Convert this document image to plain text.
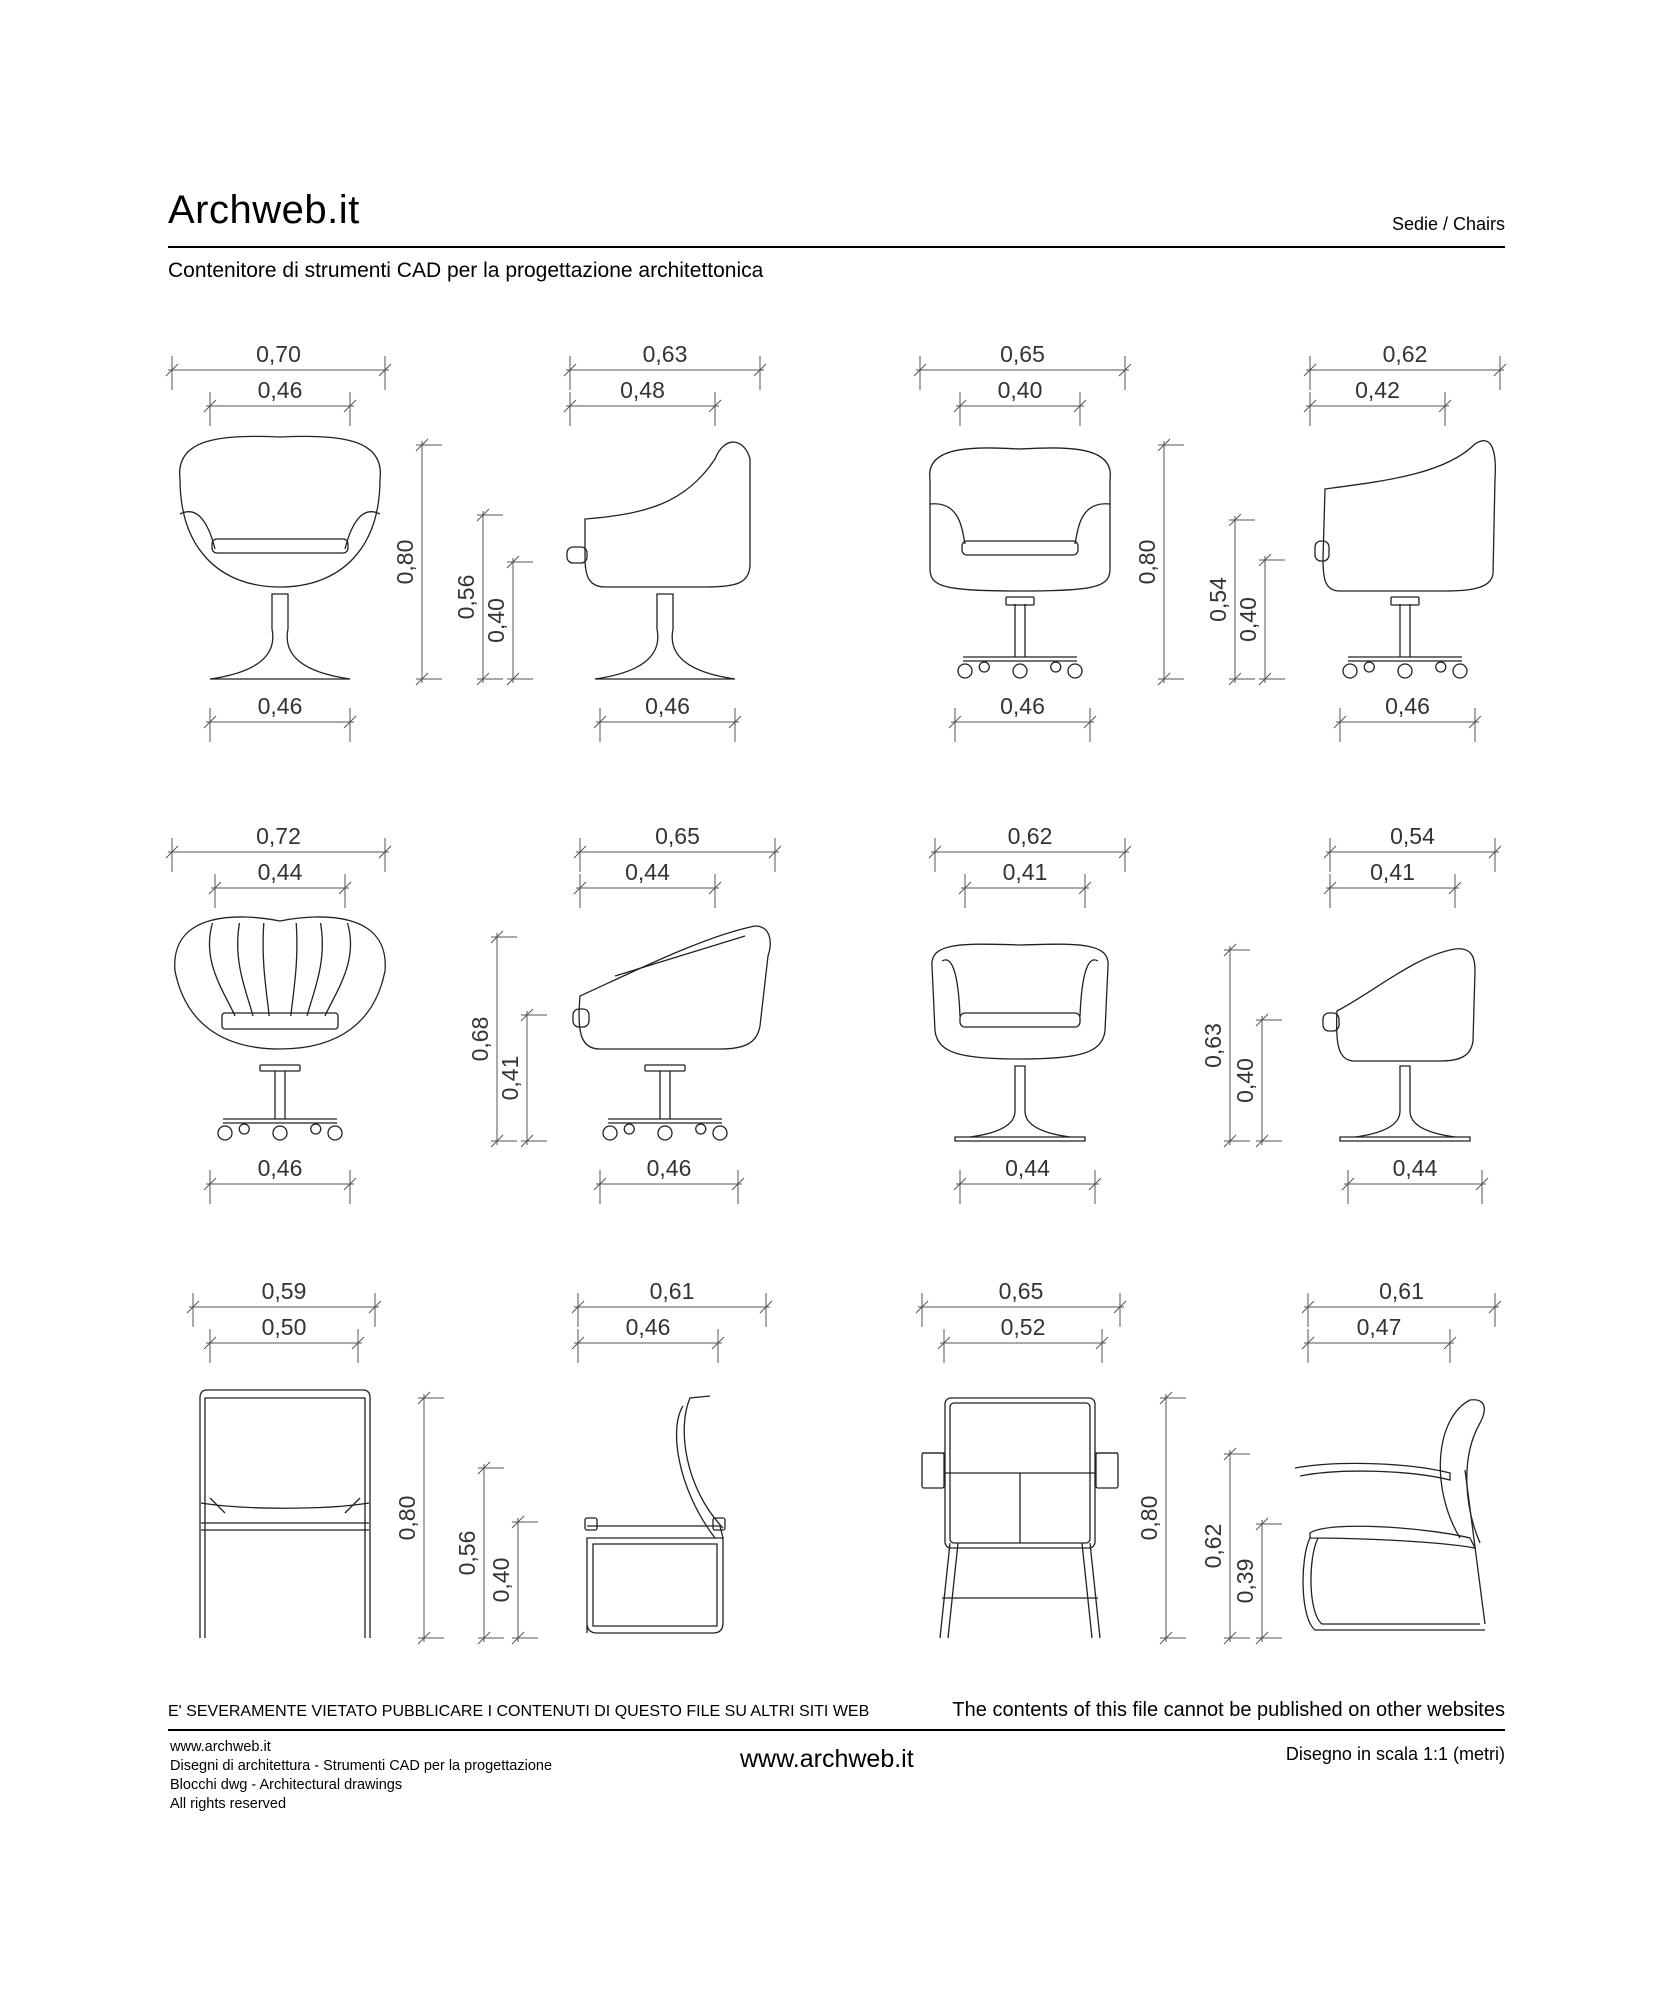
Archweb.it	Sedie / Chairs
Contenitore di strumenti CAD per la progettazione architettonica
0,70
0,46
0,46
0,80
0,63
0,48
0,46
0,56
0,40
0,65
0,40
0,46
0,80
0,62
0,42
0,46
0,54 0,40
0,72
0,44
0,46
0,65
0,44
0,46
0,68
0,41
0,62
0,41
0,44
0,54
0,41
0,44
0,63
0,40
0,59
0,50
0,80
0,61
0,46
0,56
0,40
0,65
0,52
0,80
0,61
0,47
0,62
0,39
E' SEVERAMENTE VIETATO PUBBLICARE I CONTENUTI DI QUESTO FILE SU ALTRI SITI WEB	The contents of this file cannot be published on other websites
www.archweb.it
Disegni di architettura - Strumenti CAD per la progettazione
Blocchi dwg - Architectural drawings
All rights reserved
www.archweb.it	Disegno in scala 1:1 (metri)
